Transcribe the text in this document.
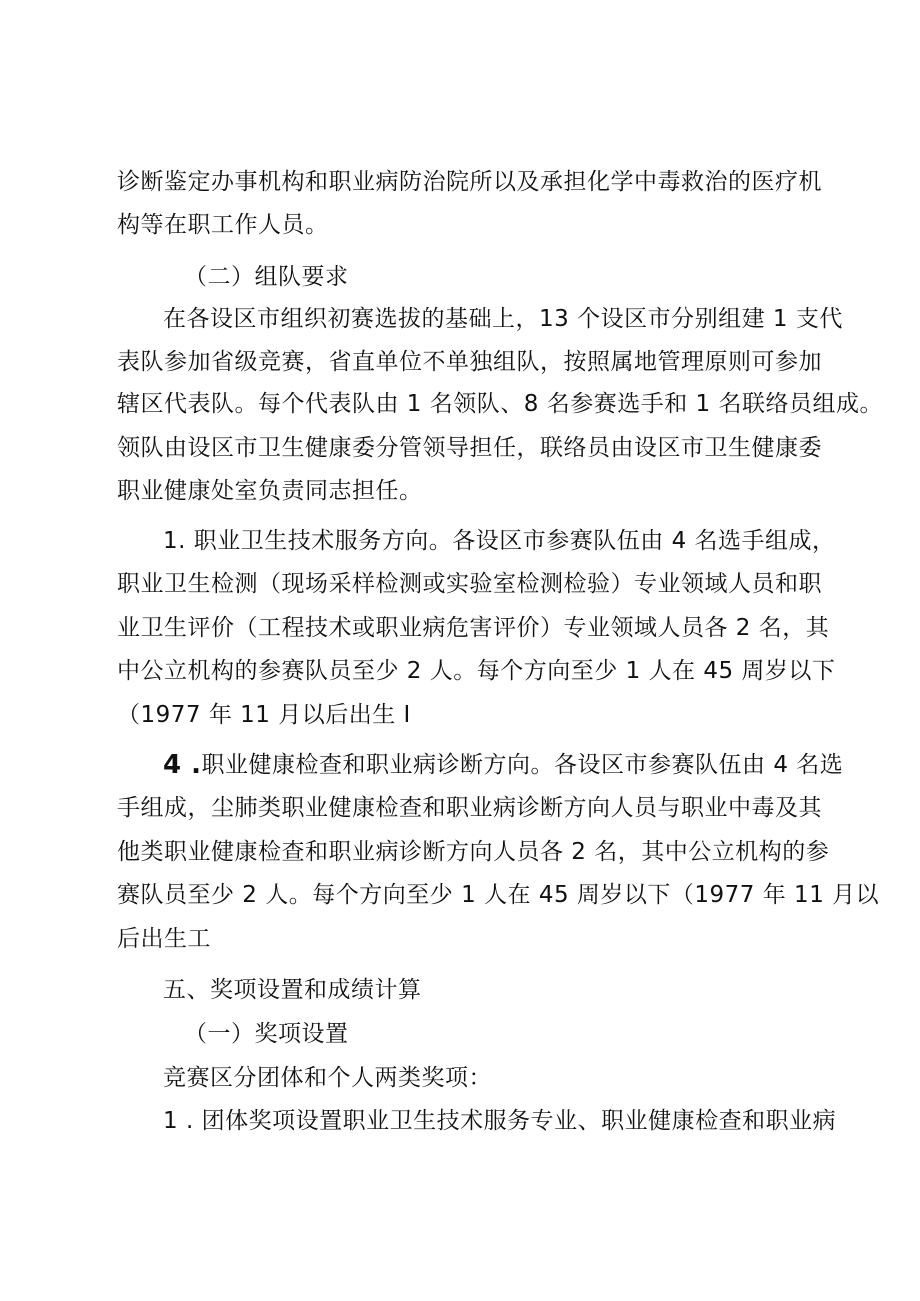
诊断鉴定办事机构和职业病防治院所以及承担化学中毒救治的医疗机
构等在职工作人员。
（二）组队要求
在各设区市组织初赛选拔的基础上，13 个设区市分别组建 1 支代
表队参加省级竞赛，省直单位不单独组队，按照属地管理原则可参加
辖区代表队。每个代表队由 1 名领队、8 名参赛选手和 1 名联络员组成。
领队由设区市卫生健康委分管领导担任，联络员由设区市卫生健康委
职业健康处室负责同志担任。
1. 职业卫生技术服务方向。各设区市参赛队伍由 4 名选手组成，
职业卫生检测（现场采样检测或实验室检测检验）专业领域人员和职
业卫生评价（工程技术或职业病危害评价）专业领域人员各 2 名，其
中公立机构的参赛队员至少 2 人。每个方向至少 1 人在 45 周岁以下
（1977 年 11 月以后出生 I
4 . 职业健康检查和职业病诊断方向。各设区市参赛队伍由 4 名选
手组成，尘肺类职业健康检查和职业病诊断方向人员与职业中毒及其
他类职业健康检查和职业病诊断方向人员各 2 名，其中公立机构的参
赛队员至少 2 人。每个方向至少 1 人在 45 周岁以下（1977 年 11 月以
后出生工
五、奖项设置和成绩计算
（一）奖项设置
竞赛区分团体和个人两类奖项：
1 . 团体奖项设置职业卫生技术服务专业、职业健康检查和职业病
